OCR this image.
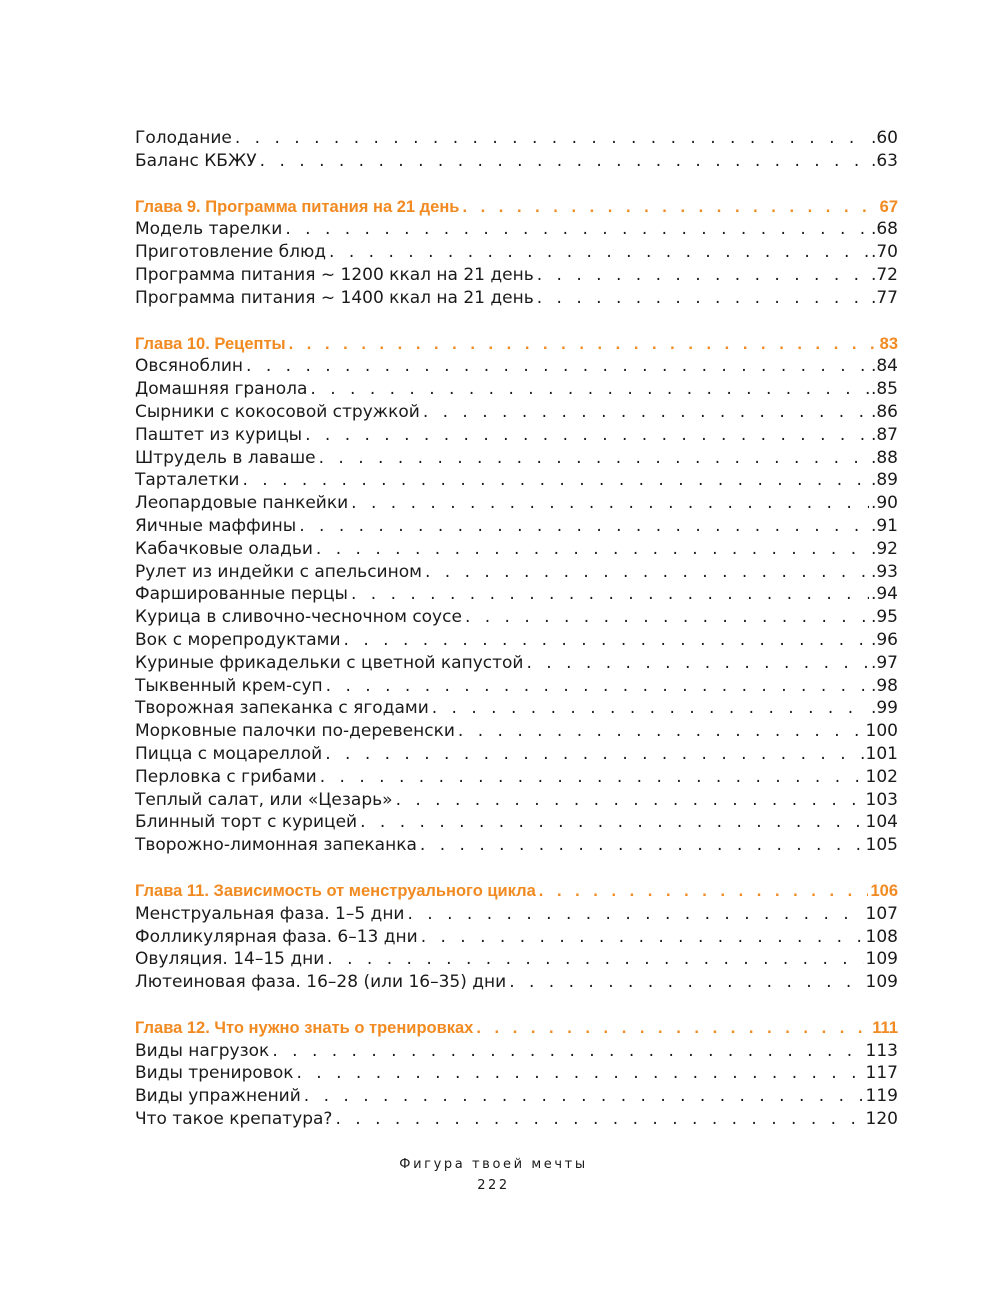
Голодание . . .	.60
Баланс КБЖУ . . .	.63
Глава 9. Программа питания на 21 день . . .	67
Модель тарелки . . .	.68
Приготовление блюд . . .	.70
Программа питания ~ 1200 ккал на 21 день . . .	.72
Программа питания ~ 1400 ккал на 21 день . . .	.77
Глава 10. Рецепты . . .	83
Овсяноблин . . .	.84
Домашняя гранола . . .	.85
Сырники с кокосовой стружкой . . .	.86
Паштет из курицы . . .	.87
Штрудель в лаваше . . .	.88
Тарталетки . . .	.89
Леопардовые панкейки . . .	.90
Яичные маффины . . .	.91
Кабачковые оладьи . . .	.92
Рулет из индейки с апельсином . . .	.93
Фаршированные перцы . . .	.94
Курица в сливочно-чесночном соусе . . .	.95
Вок с морепродуктами . . .	.96
Куриные фрикадельки с цветной капустой . . .	.97
Тыквенный крем-суп . . .	.98
Творожная запеканка с ягодами . . .	.99
Морковные палочки по-деревенски . . .	100
Пицца с моцареллой . . .	101
Перловка с грибами . . .	102
Теплый салат, или «Цезарь» . . .	103
Блинный торт с курицей . . .	104
Творожно-лимонная запеканка . . .	105
Глава 11. Зависимость от менструального цикла . . .	106
Менструальная фаза. 1–5 дни . . .	107
Фолликулярная фаза. 6–13 дни . . .	108
Овуляция. 14–15 дни . . .	109
Лютеиновая фаза. 16–28 (или 16–35) дни . . .	109
Глава 12. Что нужно знать о тренировках . . .	111
Виды нагрузок . . .	113
Виды тренировок . . .	117
Виды упражнений . . .	119
Что такое крепатура? . . .	120
Фигура твоей мечты
222
